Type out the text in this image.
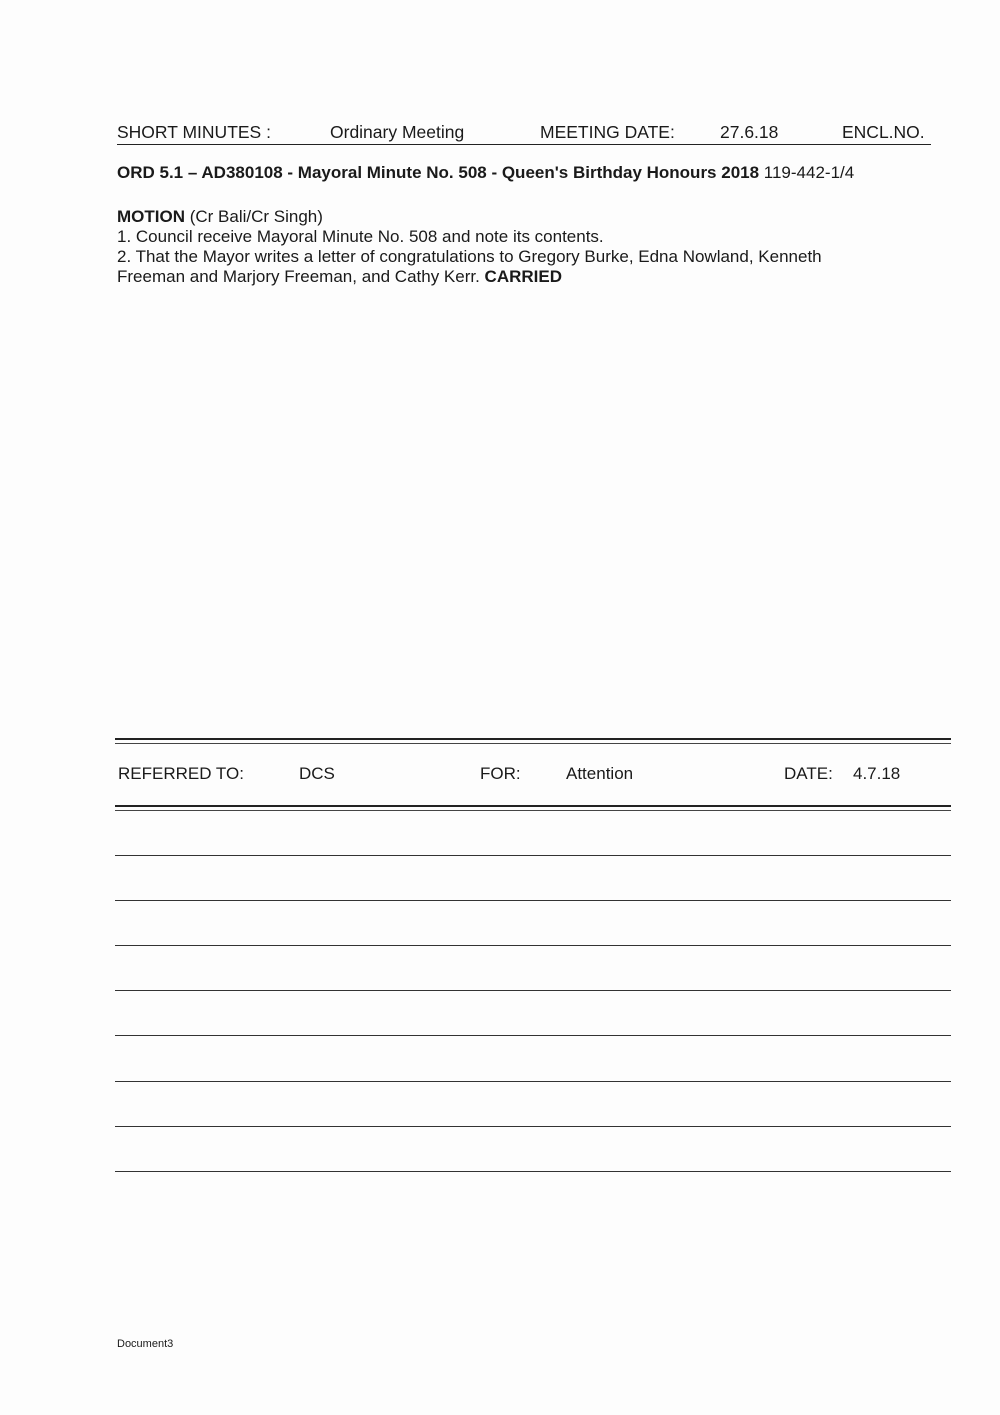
SHORT MINUTES :	Ordinary Meeting	MEETING DATE:	27.6.18	ENCL.NO.
ORD 5.1 – AD380108 - Mayoral Minute No. 508 - Queen's Birthday Honours 2018 119-442-1/4

MOTION (Cr Bali/Cr Singh)

1. Council receive Mayoral Minute No. 508 and note its contents.

2. That the Mayor writes a letter of congratulations to Gregory Burke, Edna Nowland, Kenneth

Freeman and Marjory Freeman, and Cathy Kerr. CARRIED

REFERRED TO:	DCS	FOR:	Attention	DATE: 4.7.18
Document3
